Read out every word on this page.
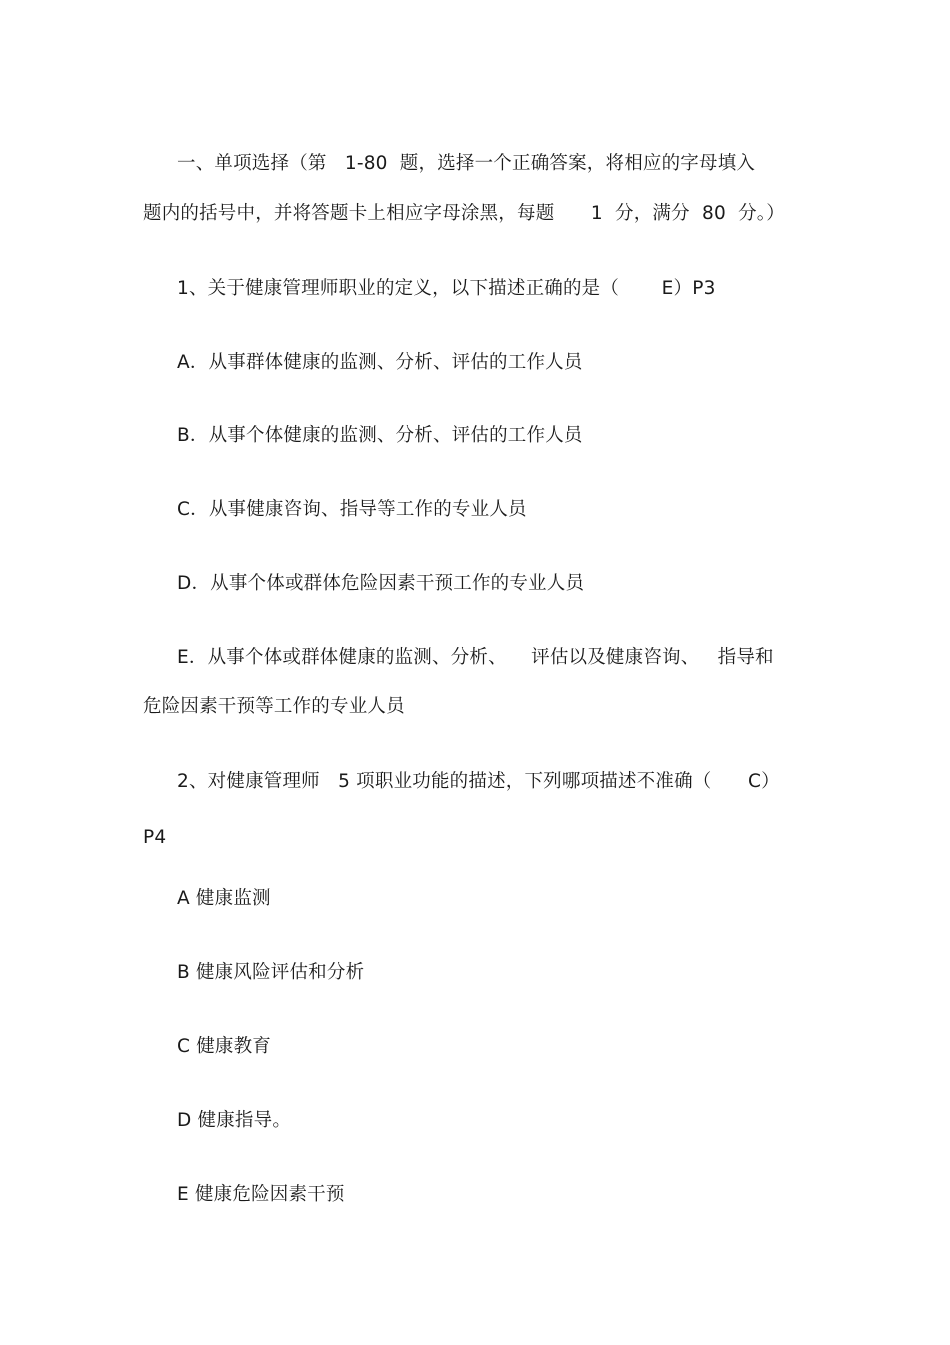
一、单项选择（第   1-80  题，选择一个正确答案，将相应的字母填入
题内的括号中，并将答题卡上相应字母涂黑，每题      1  分，满分  80  分。）
1、关于健康管理师职业的定义，以下描述正确的是（       E）P3
A．从事群体健康的监测、分析、评估的工作人员
B．从事个体健康的监测、分析、评估的工作人员
C．从事健康咨询、指导等工作的专业人员
D．从事个体或群体危险因素干预工作的专业人员
E．从事个体或群体健康的监测、分析、    评估以及健康咨询、   指导和
危险因素干预等工作的专业人员
2、对健康管理师   5 项职业功能的描述，下列哪项描述不准确（      C）
P4
A 健康监测
B 健康风险评估和分析
C 健康教育
D 健康指导。
E 健康危险因素干预
